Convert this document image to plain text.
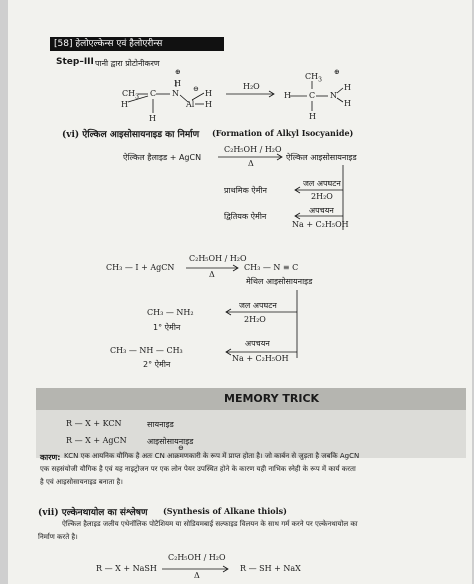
[58] हेलोएल्केन्स एवं हैलोएरीन्स
Step–III पानी द्वारा प्रोटोनीकरण
⊕
H
$CH_3$ C N ⊖ H
H	Al H
H
H₂O
⊕
$CH_3$
H C N
H
H
H
(vi) ऐल्किल आइसोसायनाइड का निर्माण (Formation of Alkyl Isocyanide)
ऐल्किल हैलाइड + AgCN
C₂H₅OH / H₂O
Δ
ऐल्किल आइसोसायनाइड
जल अपघटन
2H₂O
प्राथमिक ऐमीन
अपचयन
Na + C₂H₅OH
द्वितियक ऐमीन
CH₃ — I + AgCN
C₂H₅OH / H₂O
Δ
CH₃ — N ≡ C
मेथिल आइसोसायनाइड
जल अपघटन
2H₂O
CH₃ — NH₂
1° ऐमीन
अपचयन
Na + C₂H₅OH
CH₃ — NH — CH₃
2° ऐमीन
MEMORY TRICK
R — X + KCN	सायनाइड
R — X + AgCN	आइसोसायनाइड
कारण: KCN एक आयनिक यौगिक है अतः CN आक्रमणकारी के रूप में प्राप्त होता है। जो कार्बन से जुड़ता है जबकि AgCN
⊖
एक सहसंयोजी यौगिक है एवं यह नाइट्रोजन पर एक लोन पेयर उपस्थित होने के कारण यही नाभिक स्नेही के रूप में कार्य करता
है एवं आइसोसायनाइड बनाता है।
(vii) एल्केनथायोल का संश्लेषण (Synthesis of Alkane thiols)
ऐल्किल हैलाइड जलीय एथेनॉलिक पोटैशियम या सोडियमबाई सल्फाइड विलयन के साथ गर्म करने पर एल्केनथायोल का
निर्माण करते है।
R — X + NaSH
C₂H₅OH / H₂O
Δ
R — SH + NaX
